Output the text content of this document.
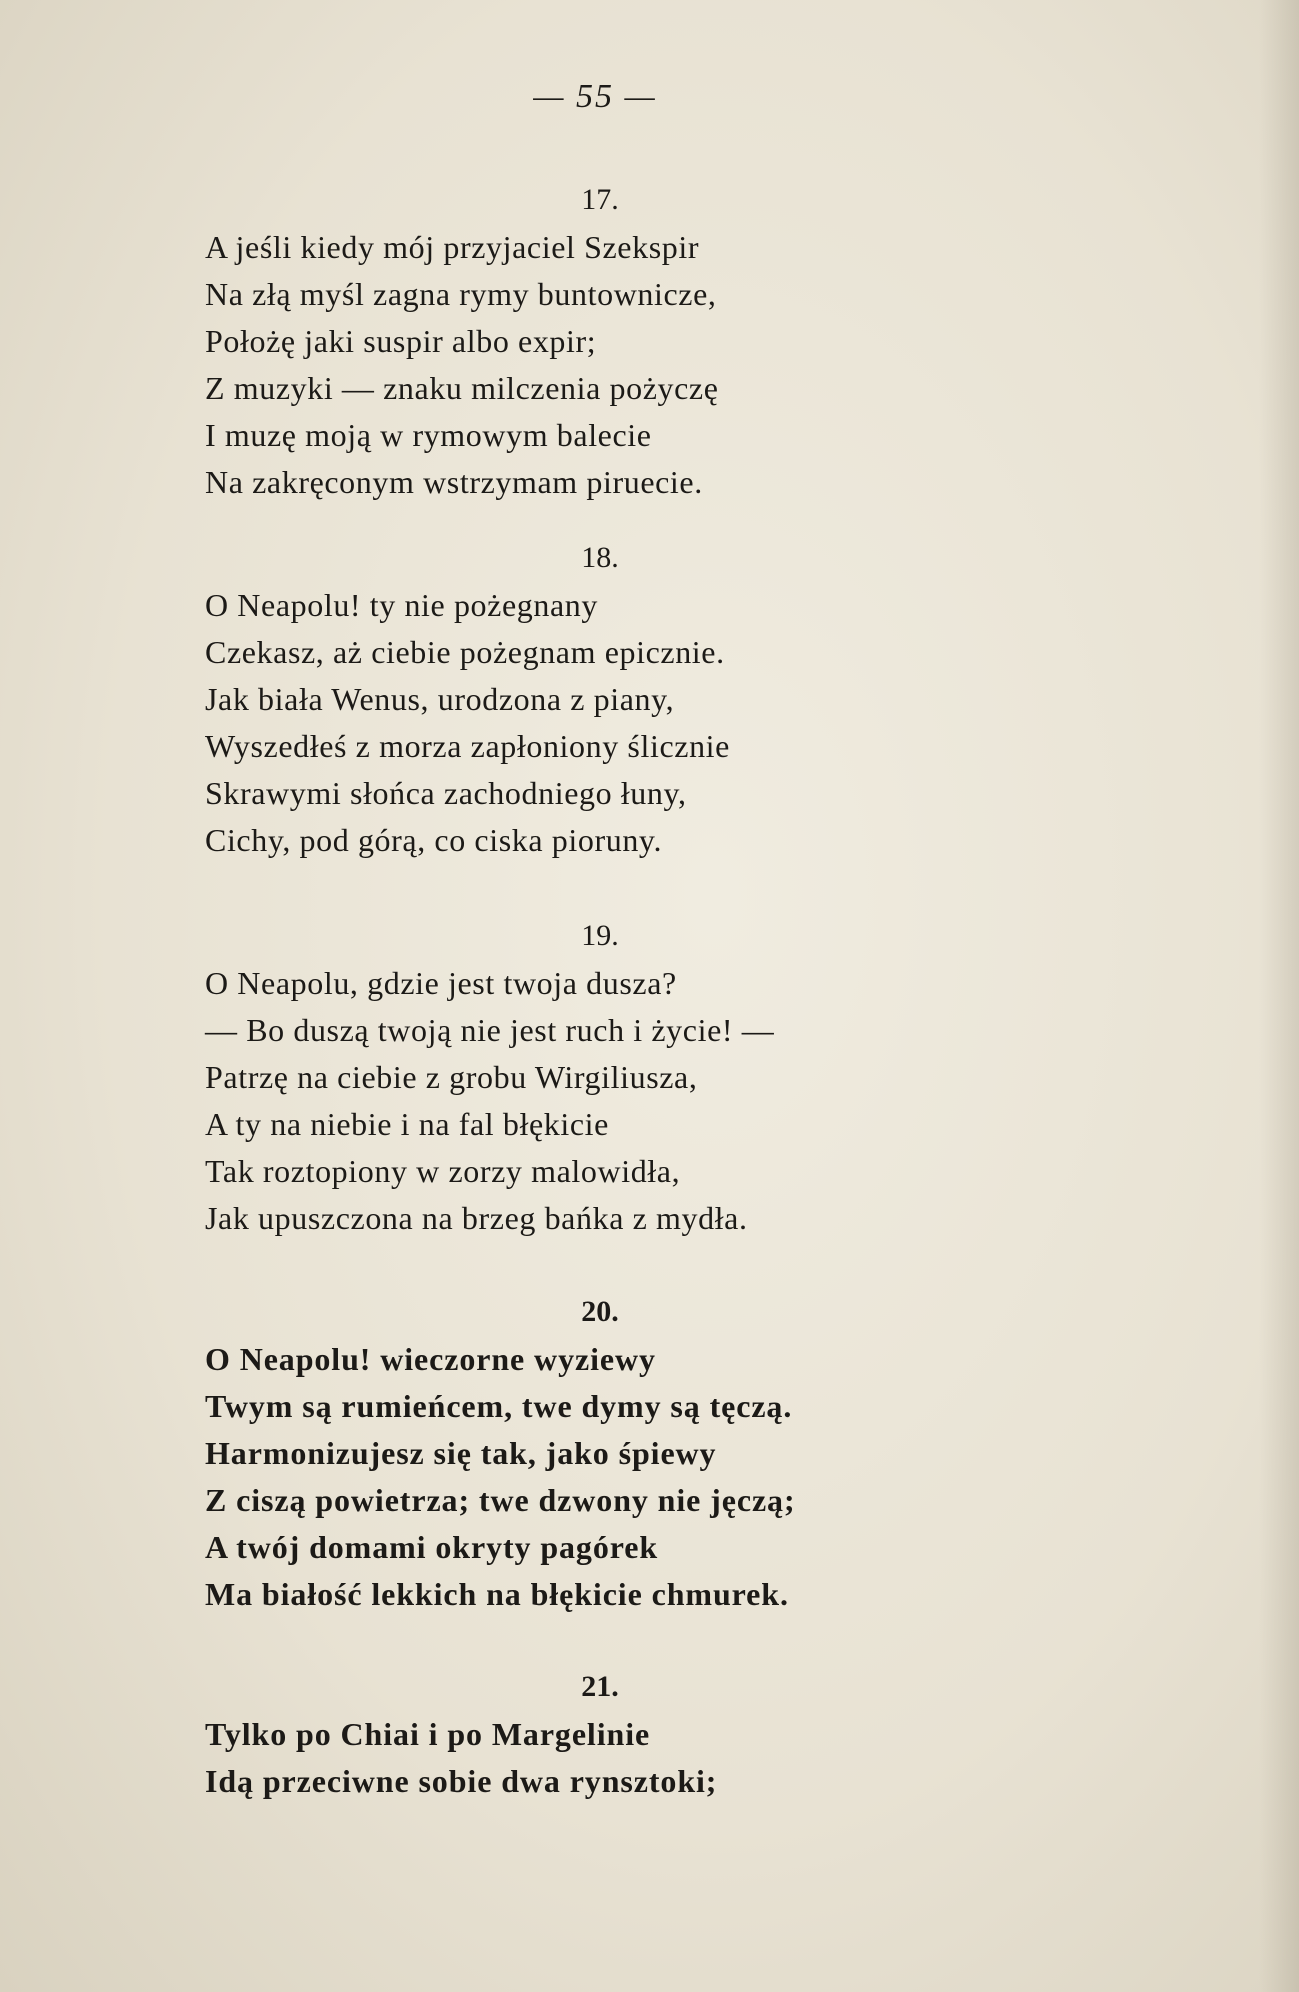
— 55 —
17.
A jeśli kiedy mój przyjaciel Szekspir
Na złą myśl zagna rymy buntownicze,
Położę jaki suspir albo expir;
Z muzyki — znaku milczenia pożyczę
I muzę moją w rymowym balecie
Na zakręconym wstrzymam piruecie.
18.
O Neapolu! ty nie pożegnany
Czekasz, aż ciebie pożegnam epicznie.
Jak biała Wenus, urodzona z piany,
Wyszedłeś z morza zapłoniony ślicznie
Skrawymi słońca zachodniego łuny,
Cichy, pod górą, co ciska pioruny.
19.
O Neapolu, gdzie jest twoja dusza?
— Bo duszą twoją nie jest ruch i życie! —
Patrzę na ciebie z grobu Wirgiliusza,
A ty na niebie i na fal błękicie
Tak roztopiony w zorzy malowidła,
Jak upuszczona na brzeg bańka z mydła.
20.
O Neapolu! wieczorne wyziewy
Twym są rumieńcem, twe dymy są tęczą.
Harmonizujesz się tak, jako śpiewy
Z ciszą powietrza; twe dzwony nie jęczą;
A twój domami okryty pagórek
Ma białość lekkich na błękicie chmurek.
21.
Tylko po Chiai i po Margelinie
Idą przeciwne sobie dwa rynsztoki;
